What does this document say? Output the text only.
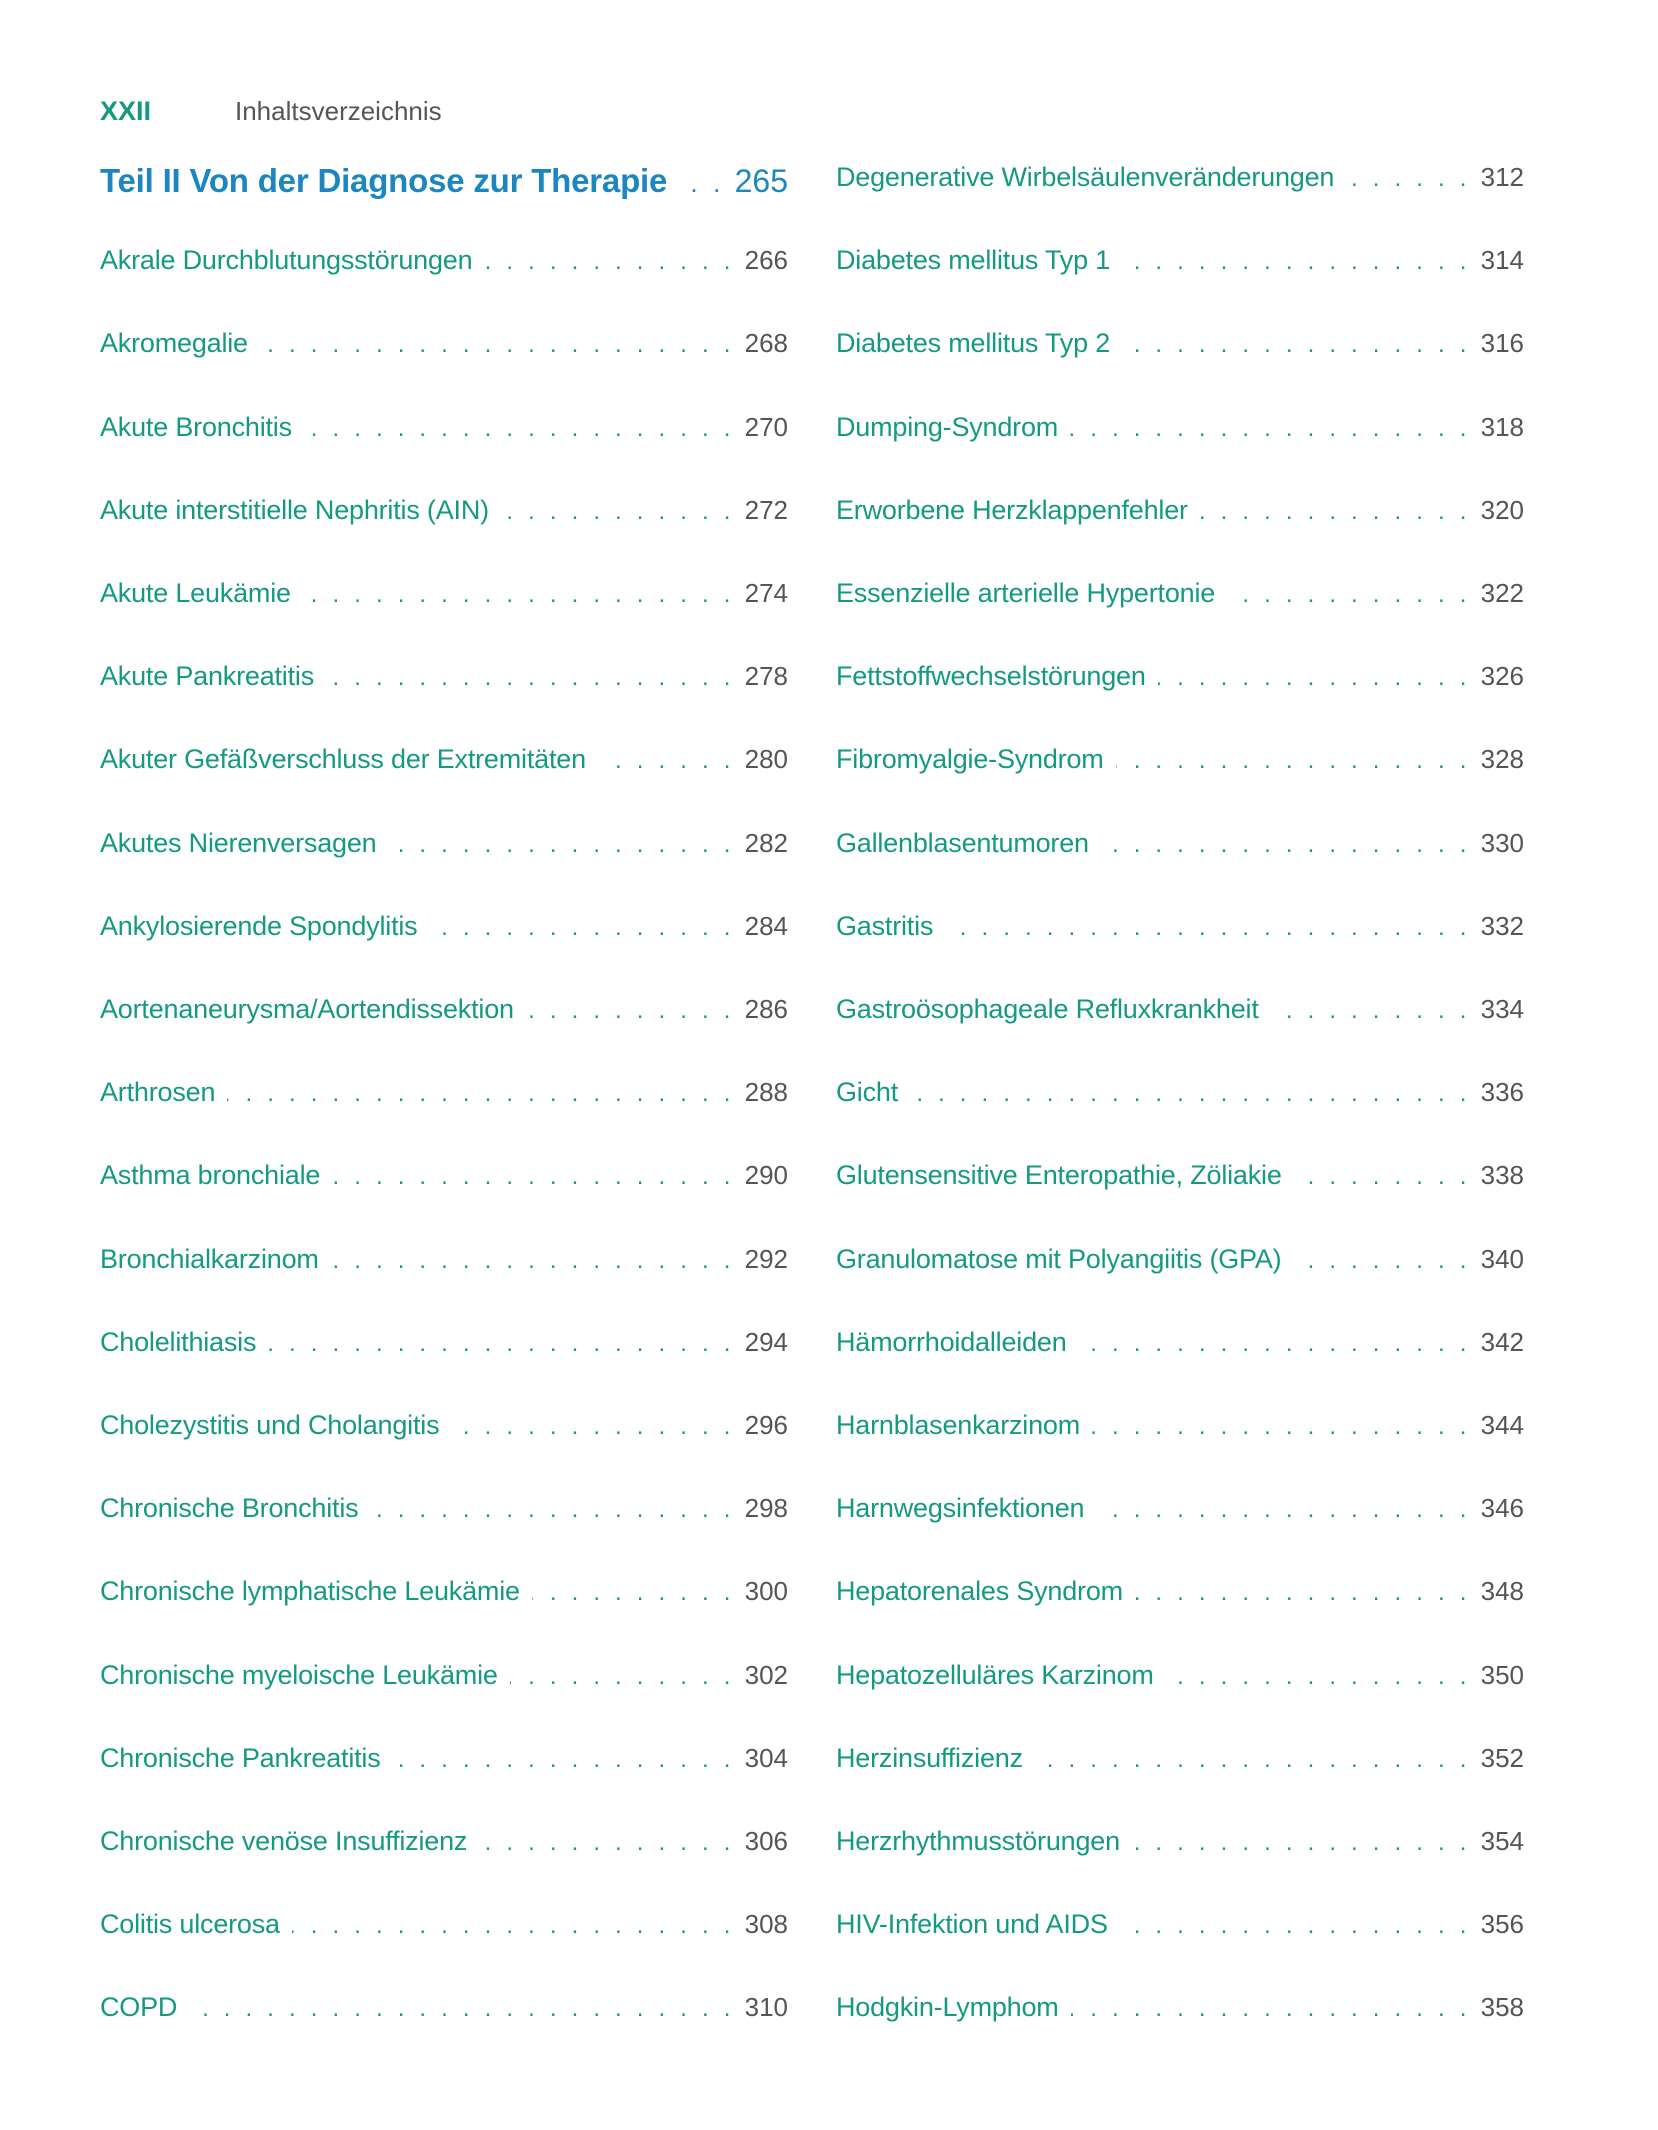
XXII	Inhaltsverzeichnis
Teil II Von der Diagnose zur Therapie . . . 265
Akrale Durchblutungsstörungen . . .	266
Akromegalie . . .	268
Akute Bronchitis . . .	270
Akute interstitielle Nephritis (AIN) . . .	272
Akute Leukämie . . .	274
Akute Pankreatitis . . .	278
Akuter Gefäßverschluss der Extremitäten . . .	280
Akutes Nierenversagen . . .	282
Ankylosierende Spondylitis . . .	284
Aortenaneurysma/Aortendissektion . . .	286
Arthrosen . . .	288
Asthma bronchiale . . .	290
Bronchialkarzinom . . .	292
Cholelithiasis . . .	294
Cholezystitis und Cholangitis . . .	296
Chronische Bronchitis . . .	298
Chronische lymphatische Leukämie . . .	300
Chronische myeloische Leukämie . . .	302
Chronische Pankreatitis . . .	304
Chronische venöse Insuffizienz . . .	306
Colitis ulcerosa . . .	308
COPD . . .	310
Degenerative Wirbelsäulenveränderungen . . .	312
Diabetes mellitus Typ 1 . . .	314
Diabetes mellitus Typ 2 . . .	316
Dumping-Syndrom . . .	318
Erworbene Herzklappenfehler . . .	320
Essenzielle arterielle Hypertonie . . .	322
Fettstoffwechselstörungen . . .	326
Fibromyalgie-Syndrom . . .	328
Gallenblasentumoren . . .	330
Gastritis . . .	332
Gastroösophageale Refluxkrankheit . . .	334
Gicht . . .	336
Glutensensitive Enteropathie, Zöliakie . . .	338
Granulomatose mit Polyangiitis (GPA) . . .	340
Hämorrhoidalleiden . . .	342
Harnblasenkarzinom . . .	344
Harnwegsinfektionen . . .	346
Hepatorenales Syndrom . . .	348
Hepatozelluläres Karzinom . . .	350
Herzinsuffizienz . . .	352
Herzrhythmusstörungen . . .	354
HIV-Infektion und AIDS . . .	356
Hodgkin-Lymphom . . .	358
